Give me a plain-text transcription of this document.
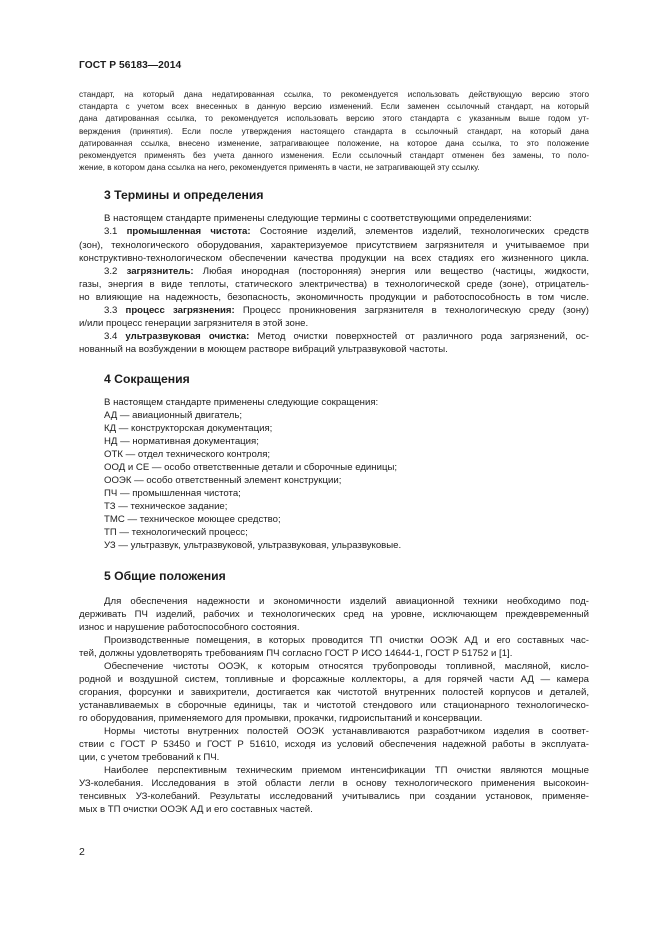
ГОСТ Р 56183—2014

стандарт, на который дана недатированная ссылка, то рекомендуется использовать действующую версию этого

стандарта с учетом всех внесенных в данную версию изменений. Если заменен ссылочный стандарт, на который

дана датированная ссылка, то рекомендуется использовать версию этого стандарта с указанным выше годом ут-

верждения (принятия). Если после утверждения настоящего стандарта в ссылочный стандарт, на который дана

датированная ссылка, внесено изменение, затрагивающее положение, на которое дана ссылка, то это положение

рекомендуется применять без учета данного изменения. Если ссылочный стандарт отменен без замены, то поло-

жение, в котором дана ссылка на него, рекомендуется применять в части, не затрагивающей эту ссылку.

3 Термины и определения

В настоящем стандарте применены следующие термины с соответствующими определениями:

3.1 промышленная чистота: Состояние изделий, элементов изделий, технологических средств

(зон), технологического оборудования, характеризуемое присутствием загрязнителя и учитываемое при

конструктивно-технологическом обеспечении качества продукции на всех стадиях его жизненного цикла.

3.2 загрязнитель: Любая инородная (посторонняя) энергия или вещество (частицы, жидкости,

газы, энергия в виде теплоты, статического электричества) в технологической среде (зоне), отрицатель-

но влияющие на надежность, безопасность, экономичность продукции и работоспособность в том числе.

3.3 процесс загрязнения: Процесс проникновения загрязнителя в технологическую среду (зону)

и/или процесс генерации загрязнителя в этой зоне.

3.4 ультразвуковая очистка: Метод очистки поверхностей от различного рода загрязнений, ос-

нованный на возбуждении в моющем растворе вибраций ультразвуковой частоты.

4 Сокращения

В настоящем стандарте применены следующие сокращения:

АД — авиационный двигатель;

КД — конструкторская документация;

НД — нормативная документация;

ОТК — отдел технического контроля;

ООД и СЕ — особо ответственные детали и сборочные единицы;

ООЭК — особо ответственный элемент конструкции;

ПЧ — промышленная чистота;

ТЗ — техническое задание;

ТМС — техническое моющее средство;

ТП — технологический процесс;

УЗ — ультразвук, ультразвуковой, ультразвуковая, ульразвуковые.

5 Общие положения

Для обеспечения надежности и экономичности изделий авиационной техники необходимо под-

держивать ПЧ изделий, рабочих и технологических сред на уровне, исключающем преждевременный

износ и нарушение работоспособного состояния.

Производственные помещения, в которых проводится ТП очистки ООЭК АД и его составных час-

тей, должны удовлетворять требованиям ПЧ согласно ГОСТ Р ИСО 14644-1, ГОСТ Р 51752 и [1].

Обеспечение чистоты ООЭК, к которым относятся трубопроводы топливной, масляной, кисло-

родной и воздушной систем, топливные и форсажные коллекторы, а для горячей части АД — камера

сгорания, форсунки и завихрители, достигается как чистотой внутренних полостей корпусов и деталей,

устанавливаемых в сборочные единицы, так и чистотой стендового или стационарного технологическо-

го оборудования, применяемого для промывки, прокачки, гидроиспытаний и консервации.

Нормы чистоты внутренних полостей ООЭК устанавливаются разработчиком изделия в соответ-

ствии с ГОСТ Р 53450 и ГОСТ Р 51610, исходя из условий обеспечения надежной работы в эксплуата-

ции, с учетом требований к ПЧ.

Наиболее перспективным техническим приемом интенсификации ТП очистки являются мощные

УЗ-колебания. Исследования в этой области легли в основу технологического применения высокоин-

тенсивных УЗ-колебаний. Результаты исследований учитывались при создании установок, применяе-

мых в ТП очистки ООЭК АД и его составных частей.

2
